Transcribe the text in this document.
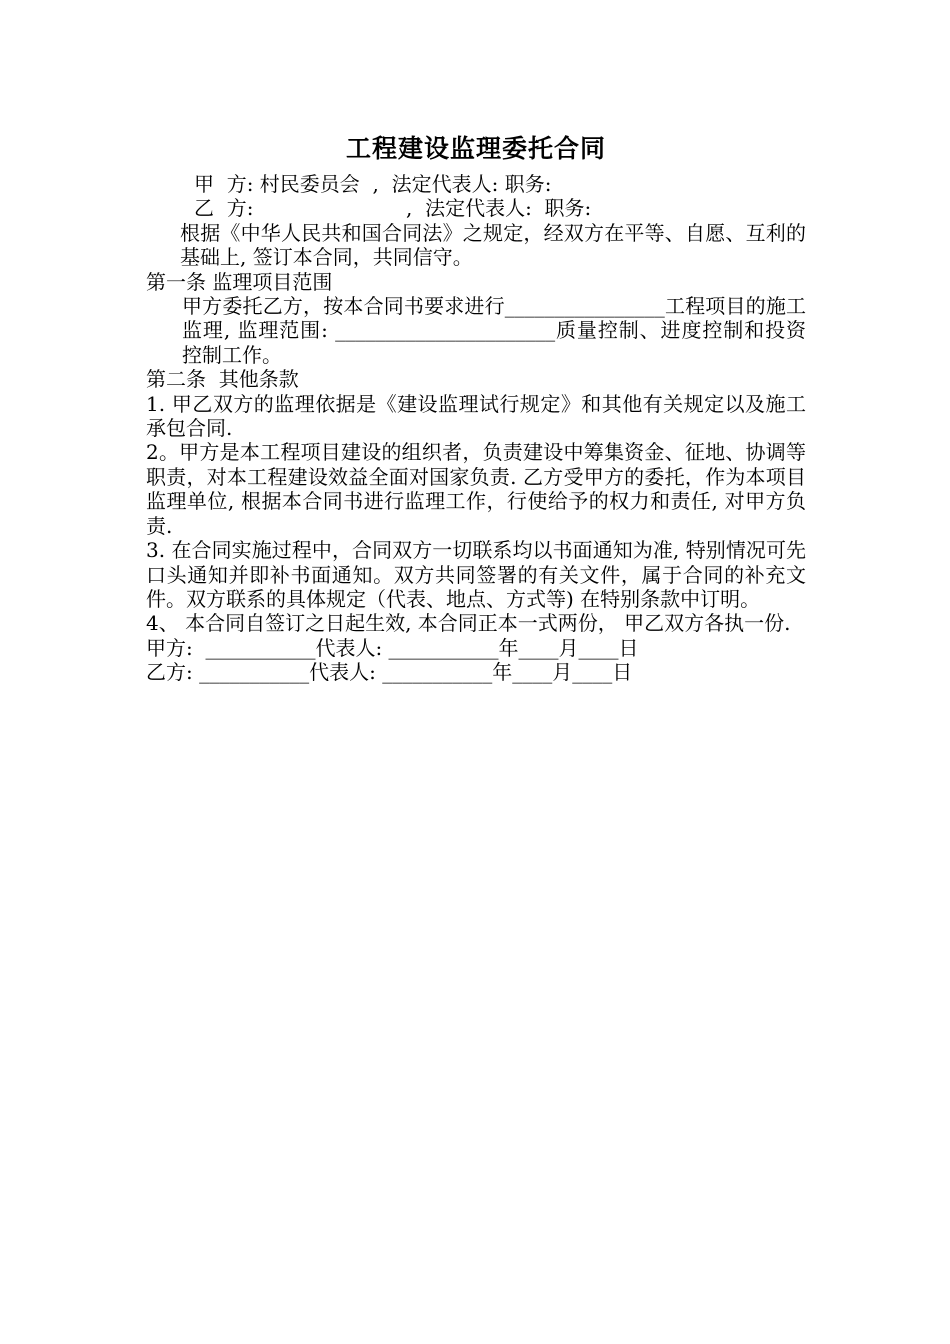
工程建设监理委托合同
甲  方: 村民委员会  ,  法定代表人: 职务:
乙  方:                        ,  法定代表人:  职务:
根据《中华人民共和国合同法》之规定，经双方在平等、自愿、互利的基础上, 签订本合同，共同信守。
第一条 监理项目范围
甲方委托乙方，按本合同书要求进行________________工程项目的施工监理, 监理范围: ______________________质量控制、进度控制和投资控制工作。
第二条  其他条款
1. 甲乙双方的监理依据是《建设监理试行规定》和其他有关规定以及施工承包合同.
2。甲方是本工程项目建设的组织者，负责建设中筹集资金、征地、协调等职责，对本工程建设效益全面对国家负责. 乙方受甲方的委托，作为本项目监理单位, 根据本合同书进行监理工作，行使给予的权力和责任, 对甲方负责.
3. 在合同实施过程中，合同双方一切联系均以书面通知为准, 特别情况可先口头通知并即补书面通知。双方共同签署的有关文件，属于合同的补充文件。双方联系的具体规定（代表、地点、方式等) 在特别条款中订明。
4、 本合同自签订之日起生效, 本合同正本一式两份， 甲乙双方各执一份.
甲方:  ___________代表人: ___________年____月____日
乙方: ___________代表人: ___________年____月____日
